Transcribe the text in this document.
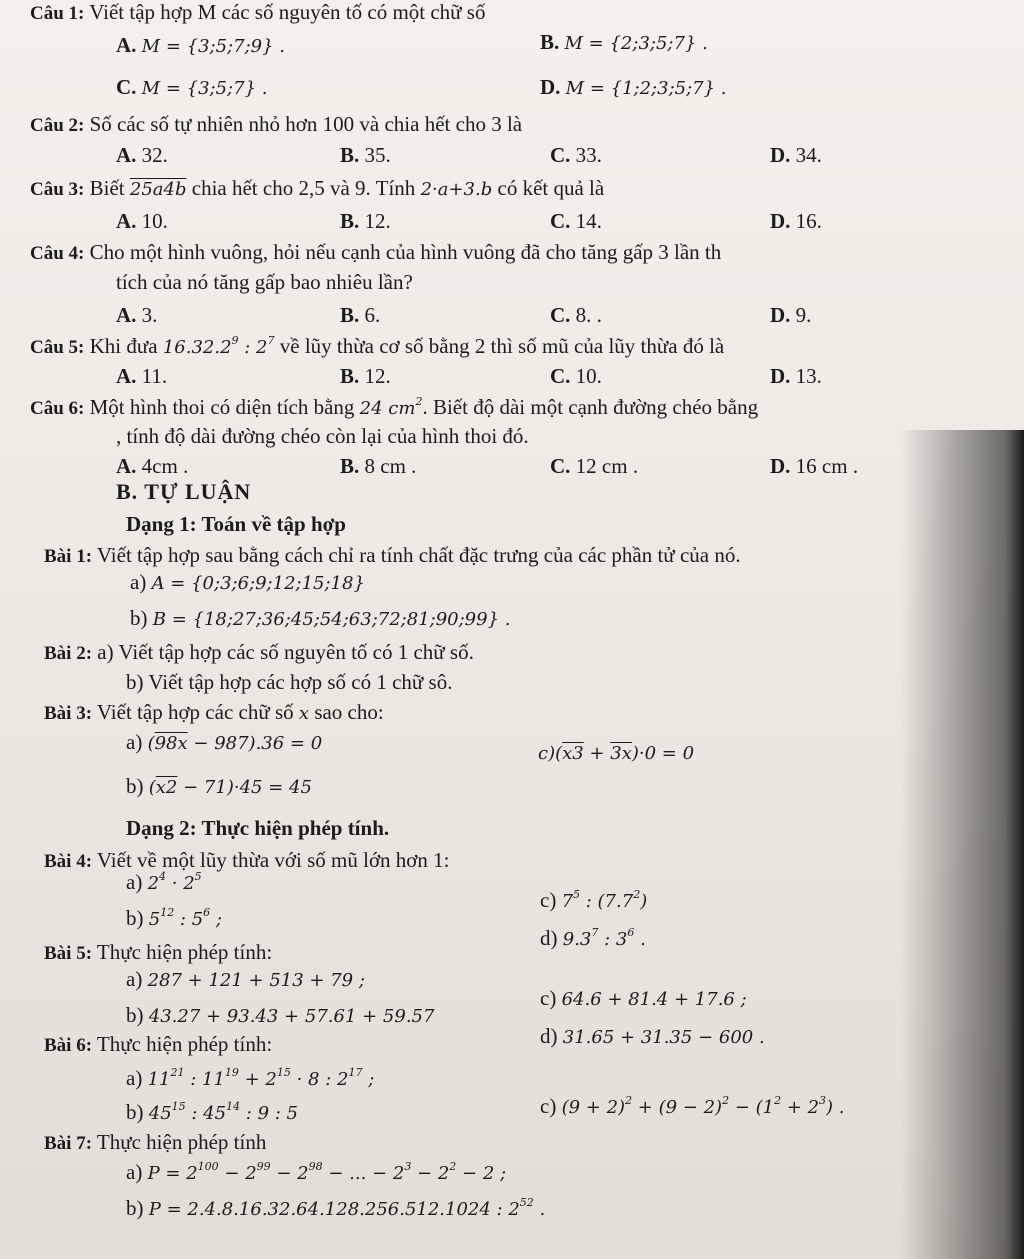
Câu 1: Viết tập hợp M các số nguyên tố có một chữ số
A. M = {3;5;7;9} .	B. M = {2;3;5;7} .
C. M = {3;5;7} .	D. M = {1;2;3;5;7} .
Câu 2: Số các số tự nhiên nhỏ hơn 100 và chia hết cho 3 là
A. 32.	B. 35.	C. 33.	D. 34.
Câu 3: Biết 25a4b chia hết cho 2,5 và 9. Tính 2·a+3.b có kết quả là
A. 10.	B. 12.	C. 14.	D. 16.
Câu 4: Cho một hình vuông, hỏi nếu cạnh của hình vuông đã cho tăng gấp 3 lần th
tích của nó tăng gấp bao nhiêu lần?
A. 3.	B. 6.	C. 8. .	D. 9.
Câu 5: Khi đưa 16.32.2$^9$ : $2^7$ về lũy thừa cơ số bằng 2 thì số mũ của lũy thừa đó là
A. 11.	B. 12.	C. 10.	D. 13.
Câu 6: Một hình thoi có diện tích bằng 24 $cm^2$. Biết độ dài một cạnh đường chéo bằng
, tính độ dài đường chéo còn lại của hình thoi đó.
A. 4cm .	B. 8 cm .	C. 12 cm .	D. 16 cm .
B. TỰ LUẬN
Dạng 1: Toán về tập hợp
Bài 1: Viết tập hợp sau bằng cách chỉ ra tính chất đặc trưng của các phần tử của nó.
a) A = {0;3;6;9;12;15;18}
b) B = {18;27;36;45;54;63;72;81;90;99} .
Bài 2: a) Viết tập hợp các số nguyên tố có 1 chữ số.
b) Viết tập hợp các hợp số có 1 chữ sô.
Bài 3: Viết tập hợp các chữ số x sao cho:
a) (98x − 987).36 = 0
b) (x2 − 71)·45 = 45
c)(x3 + 3x)·0 = 0
Dạng 2: Thực hiện phép tính.
Bài 4: Viết về một lũy thừa với số mũ lớn hơn 1:
a) $2^4 \cdot 2^5$
c) $7^5$ : $(7.7^2)$
b) $5^{12}$ : $5^6$ ;
d) $9.3^7$ : $3^6$ .
Bài 5: Thực hiện phép tính:
a) 287 + 121 + 513 + 79 ;
c) 64.6 + 81.4 + 17.6 ;
b) 43.27 + 93.43 + 57.61 + 59.57
d) 31.65 + 31.35 − 600 .
Bài 6: Thực hiện phép tính:
a) $11^{21}$ : $11^{19} + 2^{15} \cdot 8$ : $2^{17}$ ;
c) $(9 + 2)^2 + (9 - 2)^2 - (1^2 + 2^3)$ .
b) $45^{15}$ : $45^{14}$ : 9 : 5
Bài 7: Thực hiện phép tính
a) $P = 2^{100} - 2^{99} - 2^{98}$ − ... − $2^3 - 2^2 - 2$ ;
b) P = 2.4.8.16.32.64.128.256.512.1024 : $2^{52}$ .
